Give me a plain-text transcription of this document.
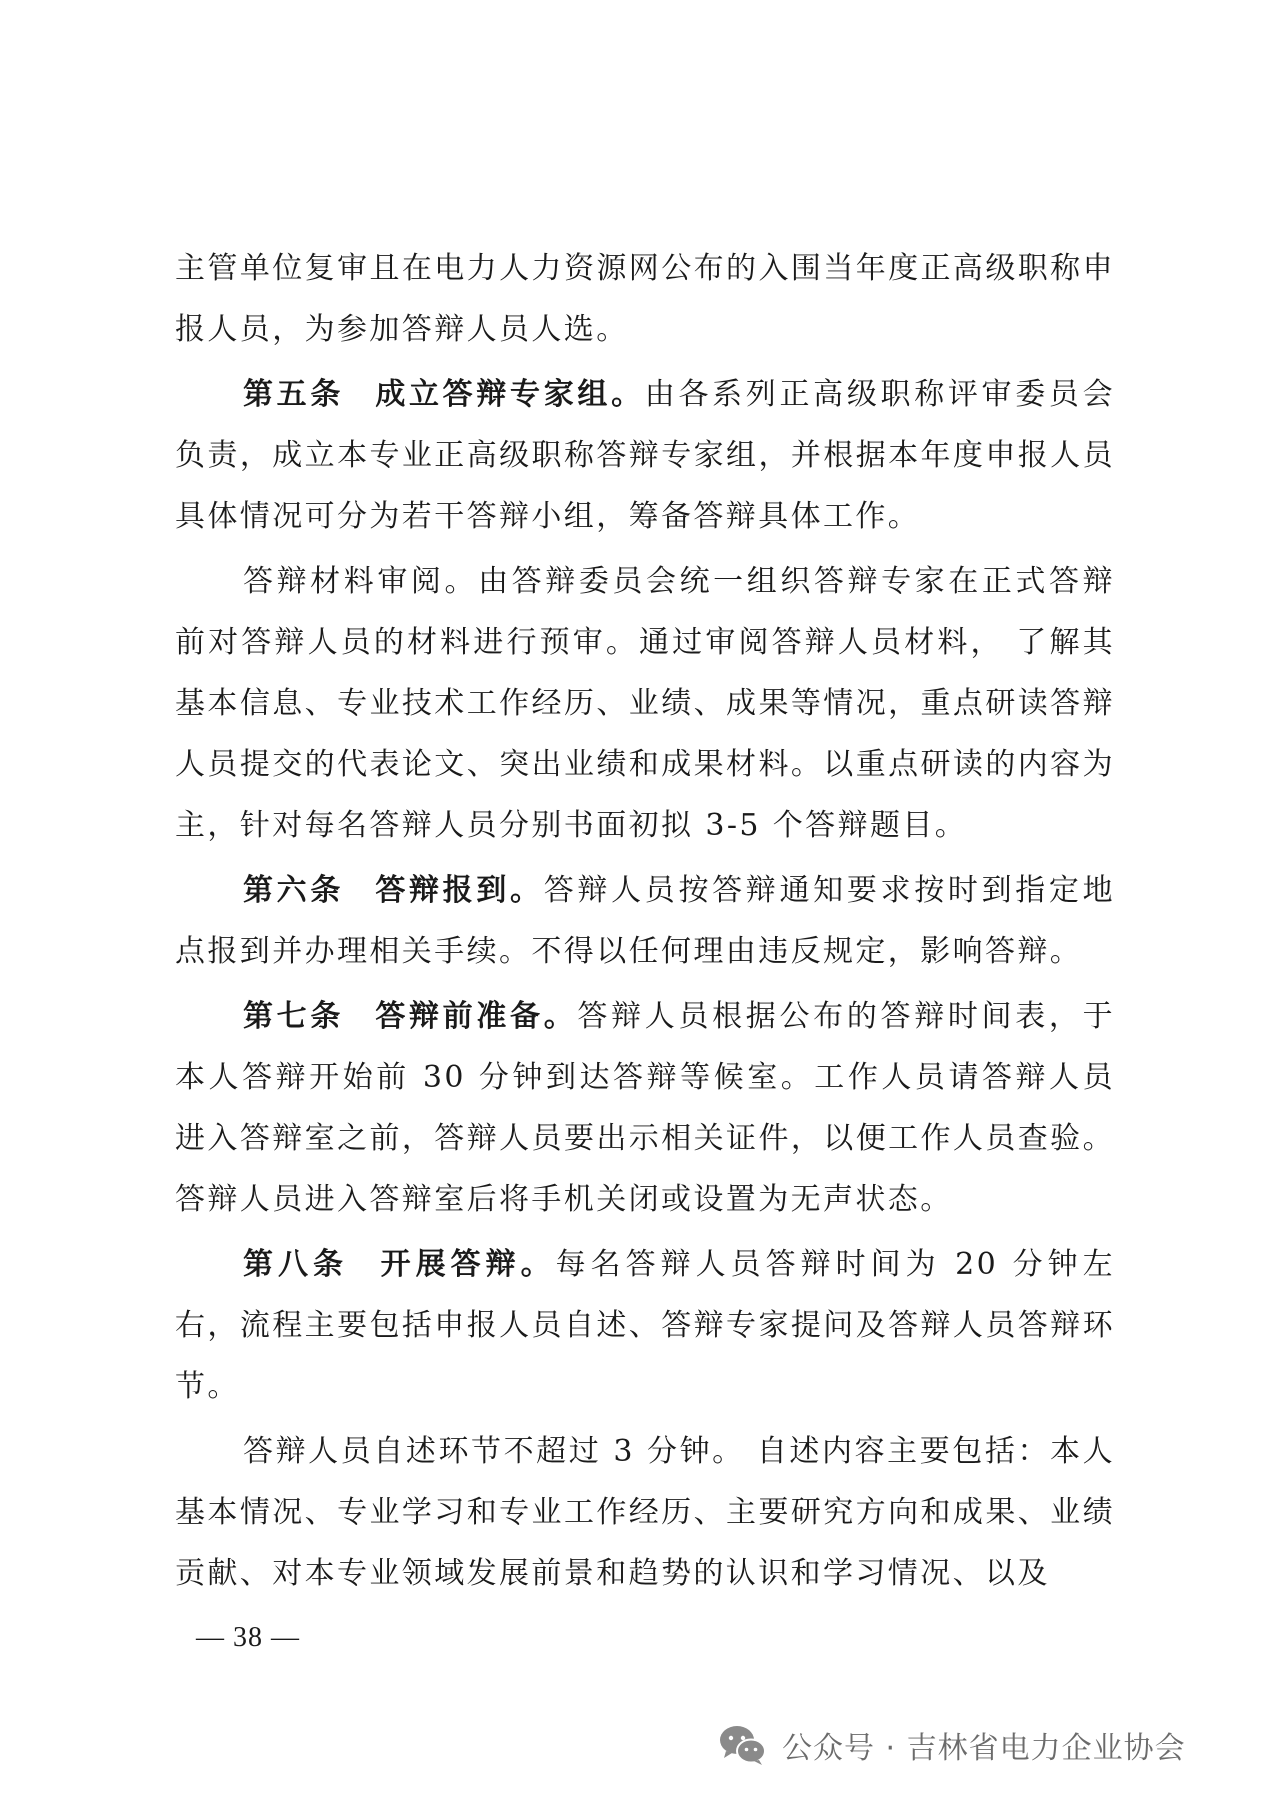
主管单位复审且在电力人力资源网公布的入围当年度正高级职称申报人员，为参加答辩人员人选。

第五条 成立答辩专家组。由各系列正高级职称评审委员会负责，成立本专业正高级职称答辩专家组，并根据本年度申报人员具体情况可分为若干答辩小组，筹备答辩具体工作。

答辩材料审阅。由答辩委员会统一组织答辩专家在正式答辩前对答辩人员的材料进行预审。通过审阅答辩人员材料， 了解其基本信息、专业技术工作经历、业绩、成果等情况，重点研读答辩人员提交的代表论文、突出业绩和成果材料。以重点研读的内容为主，针对每名答辩人员分别书面初拟 3-5 个答辩题目。

第六条 答辩报到。答辩人员按答辩通知要求按时到指定地点报到并办理相关手续。不得以任何理由违反规定，影响答辩。

第七条 答辩前准备。答辩人员根据公布的答辩时间表，于本人答辩开始前 30 分钟到达答辩等候室。工作人员请答辩人员进入答辩室之前，答辩人员要出示相关证件，以便工作人员查验。答辩人员进入答辩室后将手机关闭或设置为无声状态。

第八条 开展答辩。每名答辩人员答辩时间为 20 分钟左右，流程主要包括申报人员自述、答辩专家提问及答辩人员答辩环节。

答辩人员自述环节不超过 3 分钟。 自述内容主要包括：本人基本情况、专业学习和专业工作经历、主要研究方向和成果、业绩贡献、对本专业领域发展前景和趋势的认识和学习情况、以及

— 38 —
公众号 · 吉林省电力企业协会
